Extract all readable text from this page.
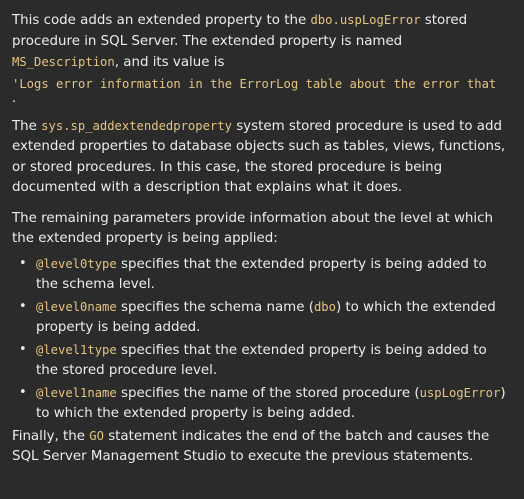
This code adds an extended property to the dbo.uspLogError stored procedure in SQL Server. The extended property is named MS_Description, and its value is

'Logs error information in the ErrorLog table about the error that
.

The sys.sp_addextendedproperty system stored procedure is used to add extended properties to database objects such as tables, views, functions, or stored procedures. In this case, the stored procedure is being documented with a description that explains what it does.

The remaining parameters provide information about the level at which the extended property is being applied:

• @level0type specifies that the extended property is being added to the schema level.
• @level0name specifies the schema name (dbo) to which the extended property is being added.
• @level1type specifies that the extended property is being added to the stored procedure level.
• @level1name specifies the name of the stored procedure (uspLogError) to which the extended property is being added.

Finally, the GO statement indicates the end of the batch and causes the SQL Server Management Studio to execute the previous statements.
